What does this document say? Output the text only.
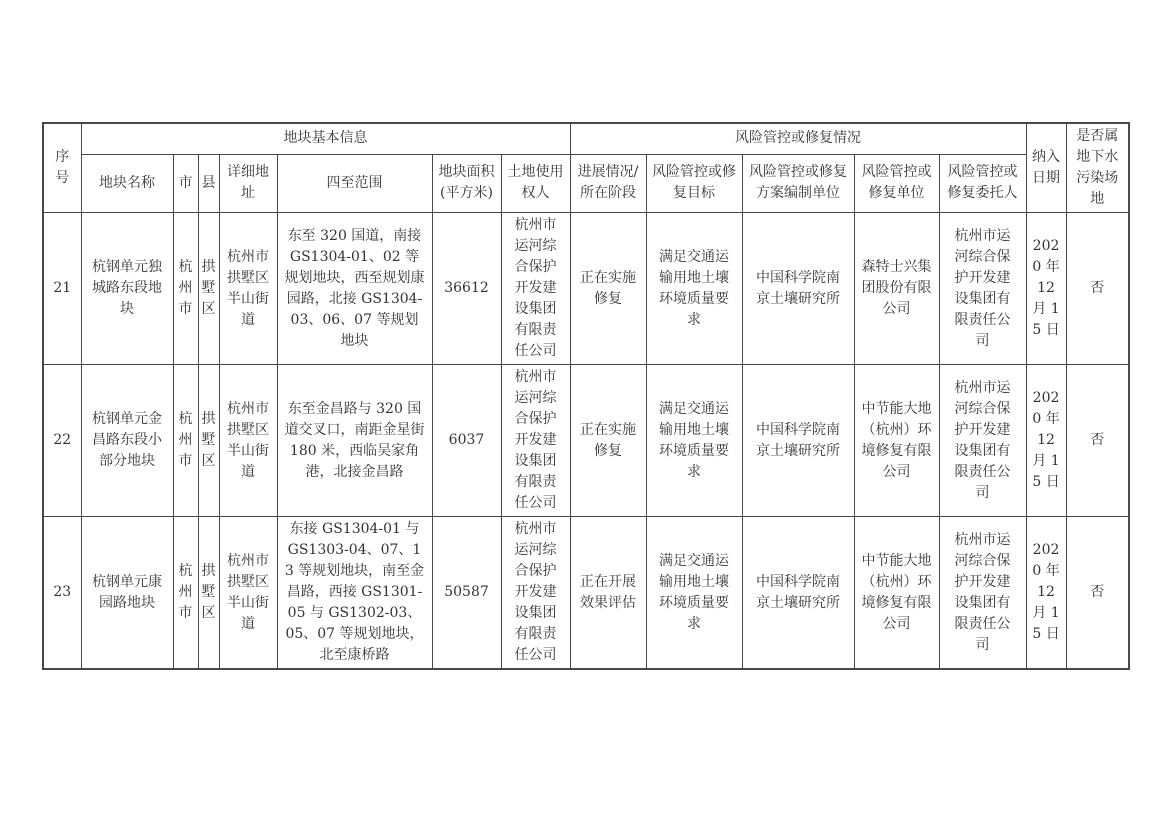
序号	地块基本信息							风险管控或修复情况					纳入日期	是否属地下水污染场地
	地块名称	市	县	详细地址	四至范围	地块面积(平方米)	土地使用权人	进展情况/所在阶段	风险管控或修复目标	风险管控或修复方案编制单位	风险管控或修复单位	风险管控或修复委托人		
21	杭钢单元独城路东段地块	杭州市	拱墅区	杭州市拱墅区半山街道	东至 320 国道，南接 GS1304-01、02 等规划地块，西至规划康园路，北接 GS1304-03、06、07 等规划地块	36612	杭州市运河综合保护开发建设集团有限责任公司	正在实施修复	满足交通运输用地土壤环境质量要求	中国科学院南京土壤研究所	森特士兴集团股份有限公司	杭州市运河综合保护开发建设集团有限责任公司	2020 年 12 月 15 日	否
22	杭钢单元金昌路东段小部分地块	杭州市	拱墅区	杭州市拱墅区半山街道	东至金昌路与 320 国道交叉口，南距金星街 180 米，西临吴家角港，北接金昌路	6037	杭州市运河综合保护开发建设集团有限责任公司	正在实施修复	满足交通运输用地土壤环境质量要求	中国科学院南京土壤研究所	中节能大地（杭州）环境修复有限公司	杭州市运河综合保护开发建设集团有限责任公司	2020 年 12 月 15 日	否
23	杭钢单元康园路地块	杭州市	拱墅区	杭州市拱墅区半山街道	东接 GS1304-01 与 GS1303-04、07、13 等规划地块，南至金昌路，西接 GS1301-05 与 GS1302-03、05、07 等规划地块，北至康桥路	50587	杭州市运河综合保护开发建设集团有限责任公司	正在开展效果评估	满足交通运输用地土壤环境质量要求	中国科学院南京土壤研究所	中节能大地（杭州）环境修复有限公司	杭州市运河综合保护开发建设集团有限责任公司	2020 年 12 月 15 日	否
